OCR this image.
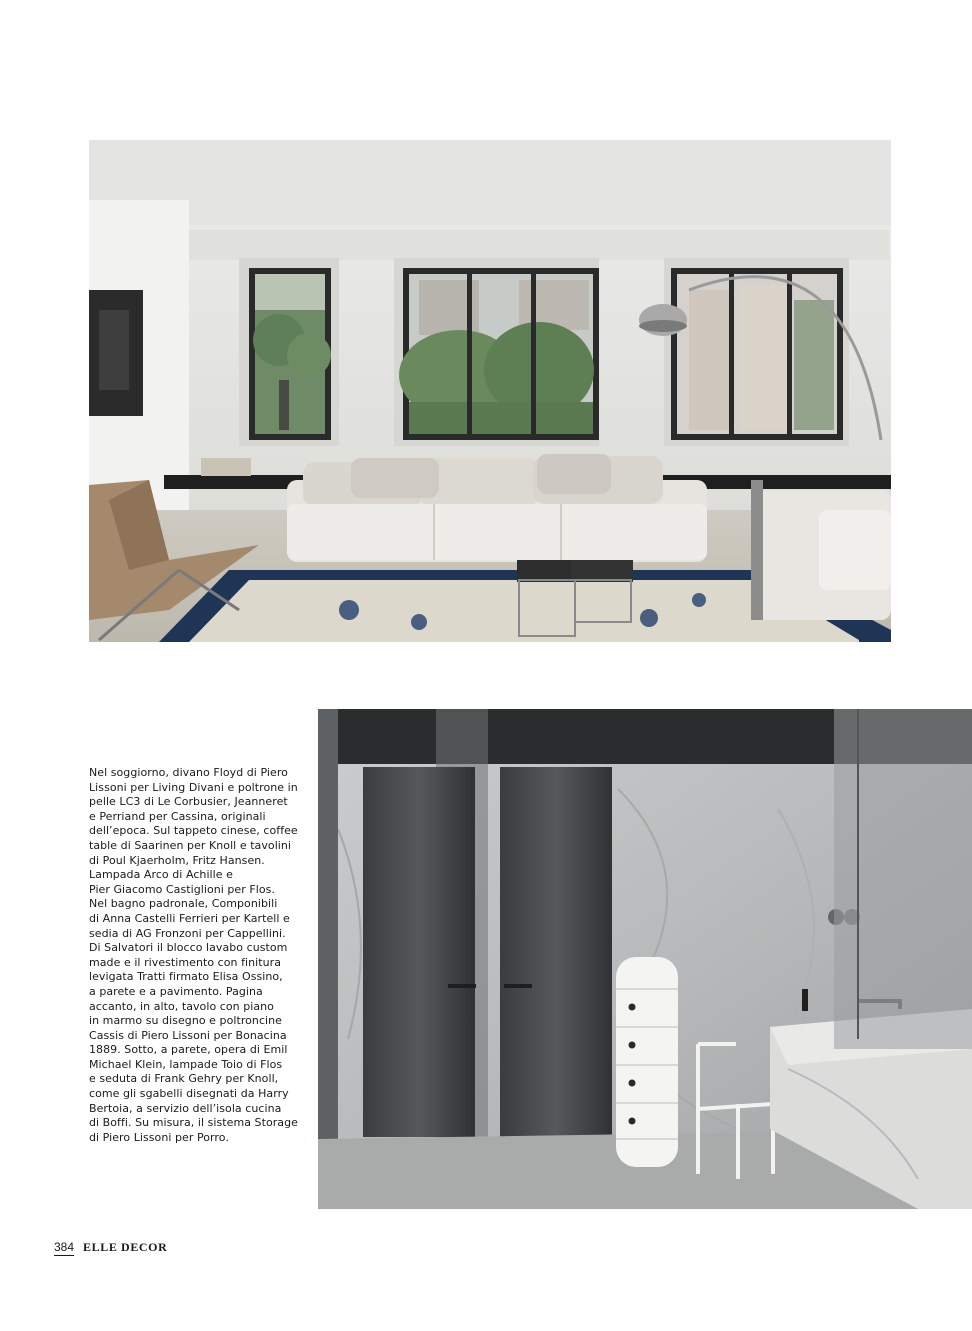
Nel soggiorno, divano Floyd di Piero
Lissoni per Living Divani e poltrone in
pelle LC3 di Le Corbusier, Jeanneret
e Perriand per Cassina, originali
dell’epoca. Sul tappeto cinese, coffee
table di Saarinen per Knoll e tavolini
di Poul Kjaerholm, Fritz Hansen.
Lampada Arco di Achille e
Pier Giacomo Castiglioni per Flos.
Nel bagno padronale, Componibili
di Anna Castelli Ferrieri per Kartell e
sedia di AG Fronzoni per Cappellini.
Di Salvatori il blocco lavabo custom
made e il rivestimento con finitura
levigata Tratti firmato Elisa Ossino,
a parete e a pavimento. Pagina
accanto, in alto, tavolo con piano
in marmo su disegno e poltroncine
Cassis di Piero Lissoni per Bonacina
1889. Sotto, a parete, opera di Emil
Michael Klein, lampade Toio di Flos
e seduta di Frank Gehry per Knoll,
come gli sgabelli disegnati da Harry
Bertoia, a servizio dell’isola cucina
di Boffi. Su misura, il sistema Storage
di Piero Lissoni per Porro.
384 ELLE DECOR
